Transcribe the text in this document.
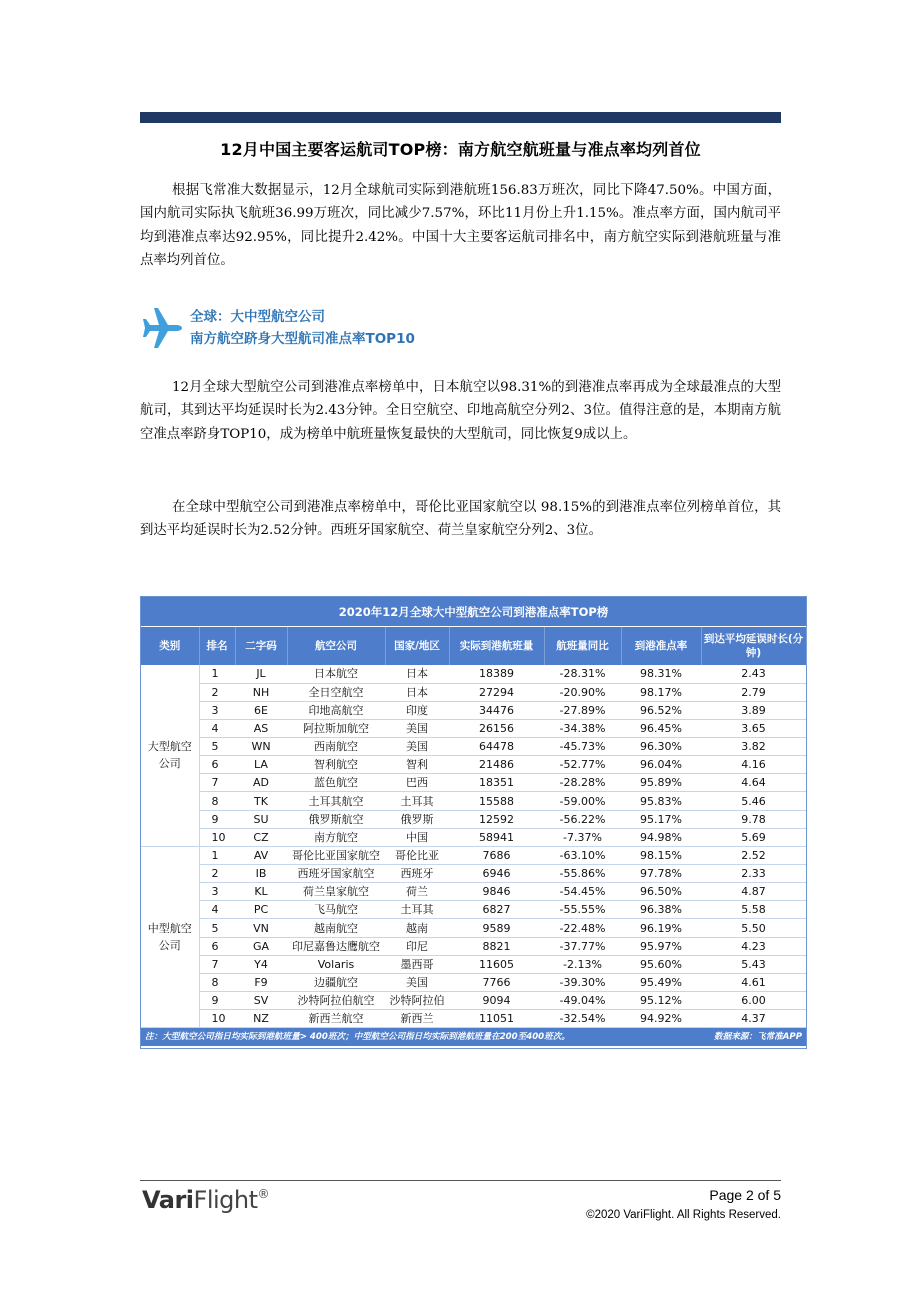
12月中国主要客运航司TOP榜：南方航空航班量与准点率均列首位

根据飞常准大数据显示，12月全球航司实际到港航班156.83万班次，同比下降47.50%。中国方面，国内航司实际执飞航班36.99万班次，同比减少7.57%，环比11月份上升1.15%。准点率方面，国内航司平均到港准点率达92.95%，同比提升2.42%。中国十大主要客运航司排名中，南方航空实际到港航班量与准点率均列首位。

全球：大中型航空公司
南方航空跻身大型航司准点率TOP10

12月全球大型航空公司到港准点率榜单中，日本航空以98.31%的到港准点率再成为全球最准点的大型航司，其到达平均延误时长为2.43分钟。全日空航空、印地高航空分列2、3位。值得注意的是，本期南方航空准点率跻身TOP10，成为榜单中航班量恢复最快的大型航司，同比恢复9成以上。

在全球中型航空公司到港准点率榜单中，哥伦比亚国家航空以 98.15%的到港准点率位列榜单首位，其到达平均延误时长为2.52分钟。西班牙国家航空、荷兰皇家航空分列2、3位。

2020年12月全球大中型航空公司到港准点率TOP榜
类别	排名	二字码	航空公司	国家/地区	实际到港航班量	航班量同比	到港准点率	到达平均延误时长(分钟)

大型航空
公司	1	JL	日本航空	日本	18389	-28.31%	98.31%	2.43
	2	NH	全日空航空	日本	27294	-20.90%	98.17%	2.79
	3	6E	印地高航空	印度	34476	-27.89%	96.52%	3.89
	4	AS	阿拉斯加航空	美国	26156	-34.38%	96.45%	3.65
	5	WN	西南航空	美国	64478	-45.73%	96.30%	3.82
	6	LA	智利航空	智利	21486	-52.77%	96.04%	4.16
	7	AD	蓝色航空	巴西	18351	-28.28%	95.89%	4.64
	8	TK	土耳其航空	土耳其	15588	-59.00%	95.83%	5.46
	9	SU	俄罗斯航空	俄罗斯	12592	-56.22%	95.17%	9.78
	10	CZ	南方航空	中国	58941	-7.37%	94.98%	5.69

中型航空
公司	1	AV	哥伦比亚国家航空	哥伦比亚	7686	-63.10%	98.15%	2.52
	2	IB	西班牙国家航空	西班牙	6946	-55.86%	97.78%	2.33
	3	KL	荷兰皇家航空	荷兰	9846	-54.45%	96.50%	4.87
	4	PC	飞马航空	土耳其	6827	-55.55%	96.38%	5.58
	5	VN	越南航空	越南	9589	-22.48%	96.19%	5.50
	6	GA	印尼嘉鲁达鹰航空	印尼	8821	-37.77%	95.97%	4.23
	7	Y4	Volaris	墨西哥	11605	-2.13%	95.60%	5.43
	8	F9	边疆航空	美国	7766	-39.30%	95.49%	4.61
	9	SV	沙特阿拉伯航空	沙特阿拉伯	9094	-49.04%	95.12%	6.00
	10	NZ	新西兰航空	新西兰	11051	-32.54%	94.92%	4.37
注：大型航空公司指日均实际到港航班量> 400班次；中型航空公司指日均实际到港航班量在200至400班次。	数据来源：飞常准APP
VariFlight®	Page 2 of 5
©2020 VariFlight. All Rights Reserved.
